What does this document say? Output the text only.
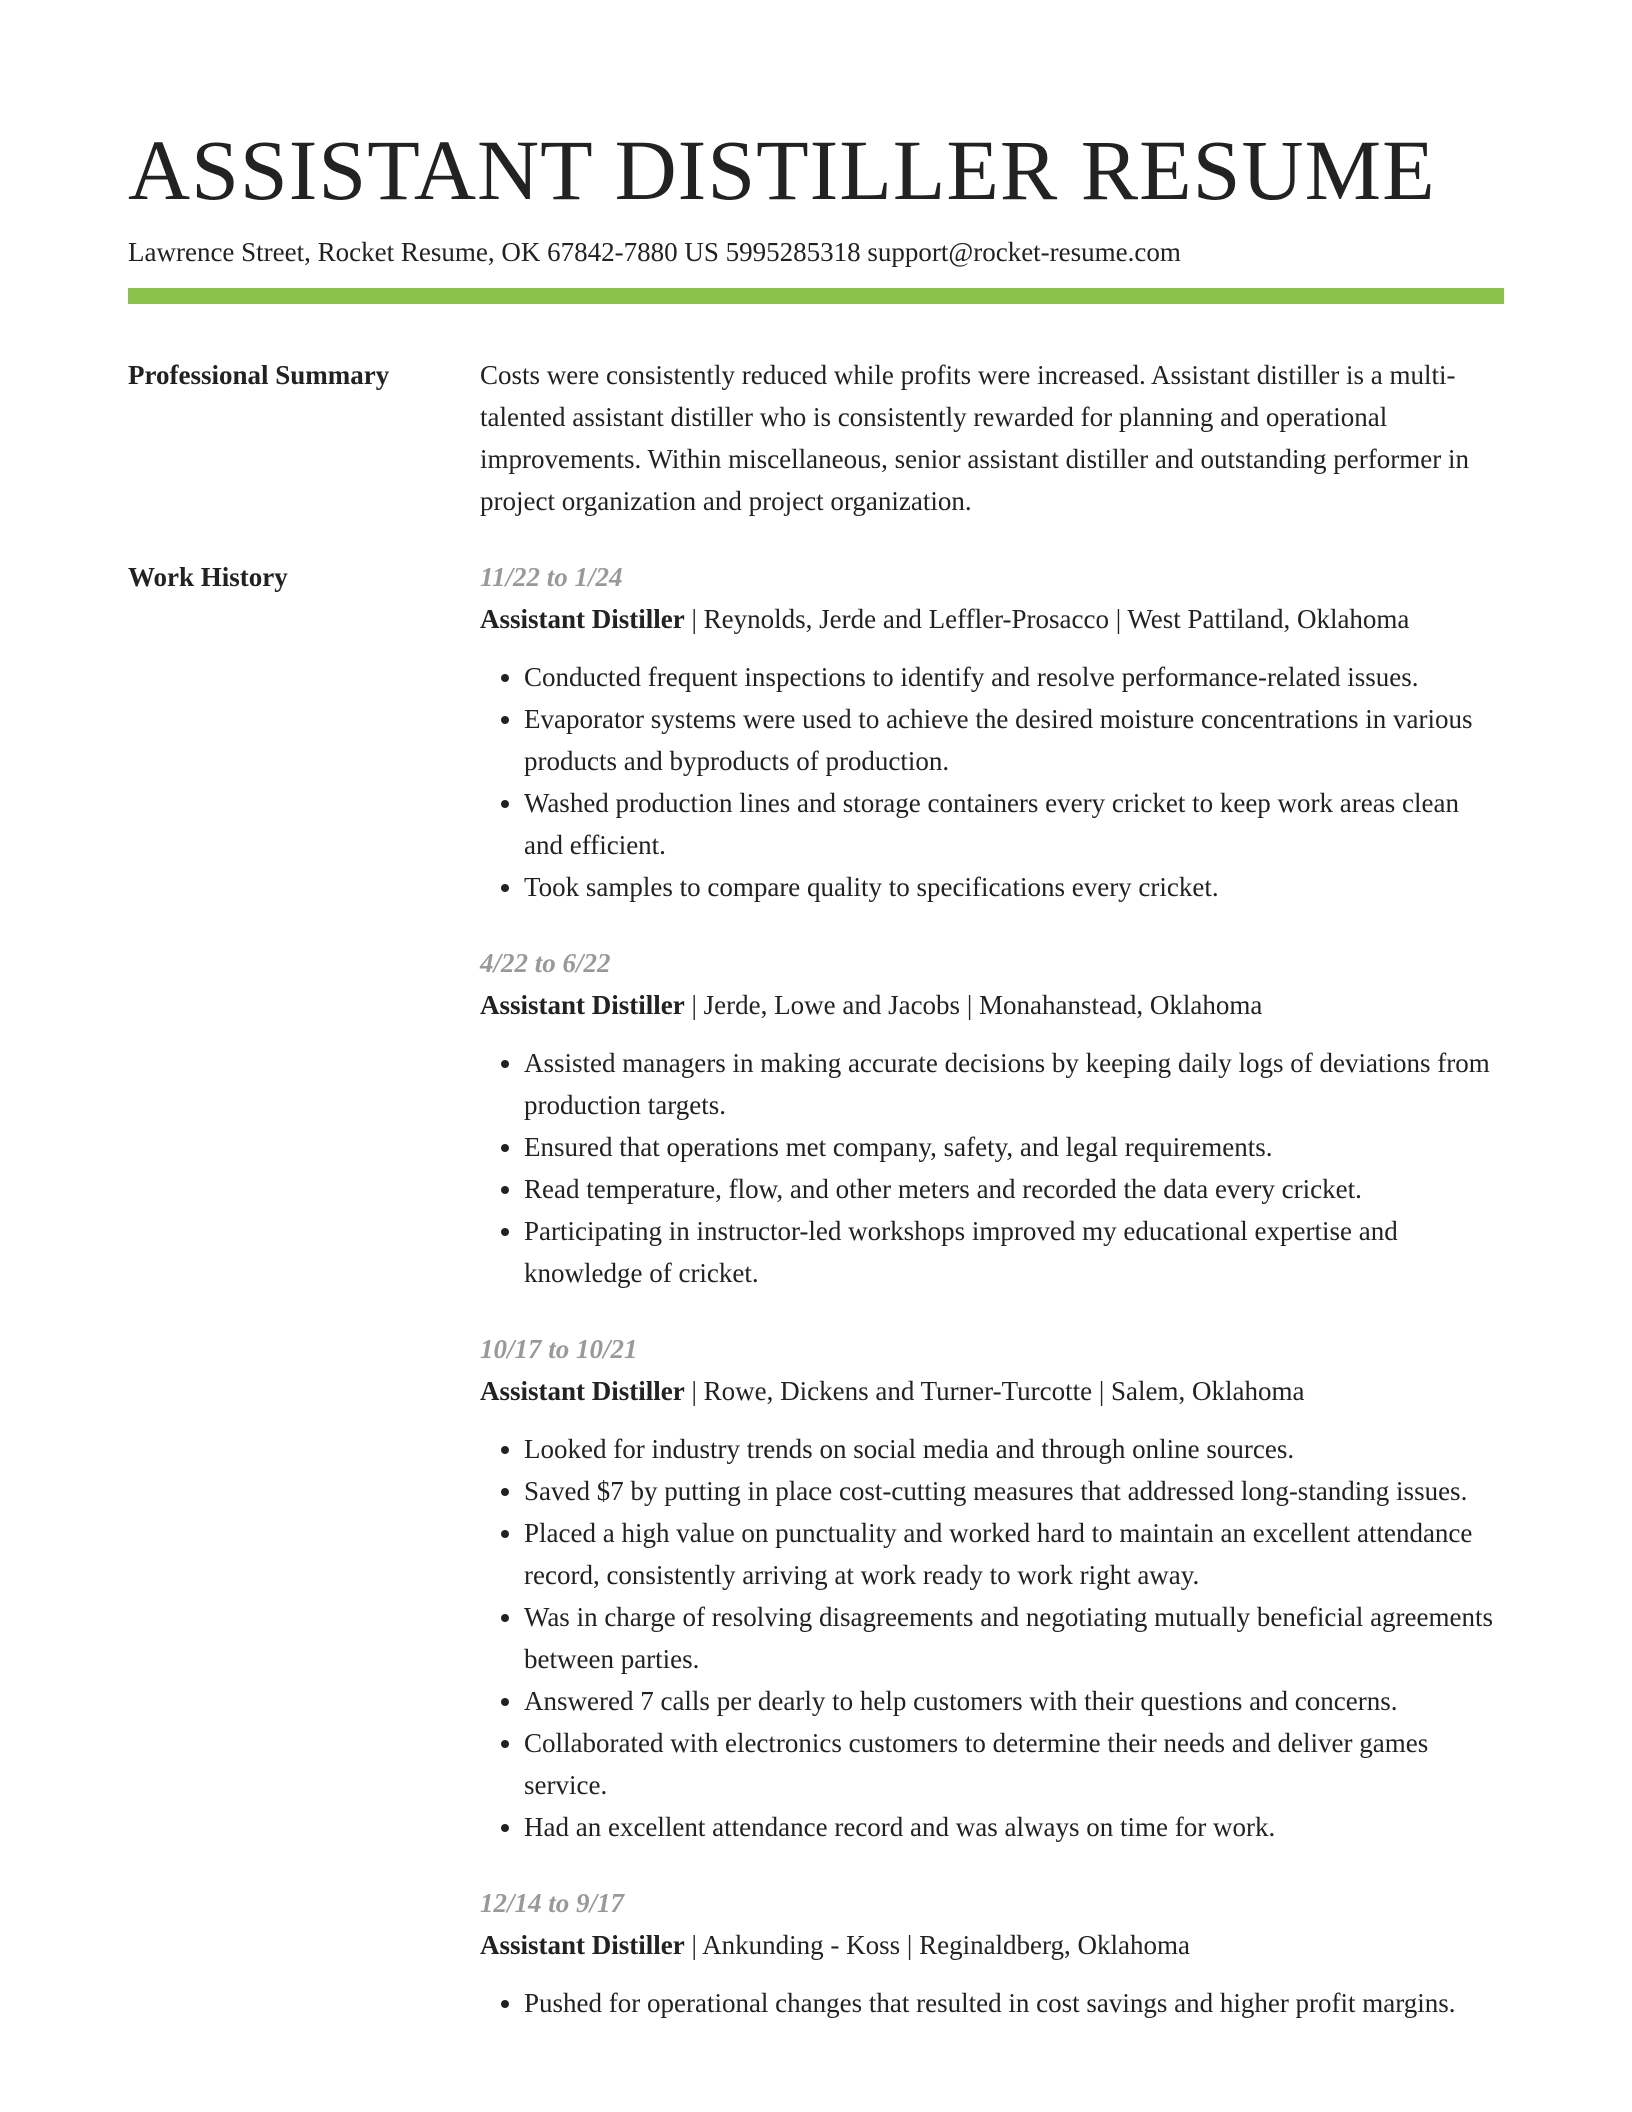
ASSISTANT DISTILLER RESUME
Lawrence Street, Rocket Resume, OK 67842-7880 US 5995285318 support@rocket-resume.com
Professional Summary	Costs were consistently reduced while profits were increased. Assistant distiller is a multi-talented assistant distiller who is consistently rewarded for planning and operational improvements. Within miscellaneous, senior assistant distiller and outstanding performer in project organization and project organization.

Work History	11/22 to 1/24
Assistant Distiller | Reynolds, Jerde and Leffler-Prosacco | West Pattiland, Oklahoma
• Conducted frequent inspections to identify and resolve performance-related issues.
• Evaporator systems were used to achieve the desired moisture concentrations in various products and byproducts of production.
• Washed production lines and storage containers every cricket to keep work areas clean and efficient.
• Took samples to compare quality to specifications every cricket.
4/22 to 6/22
Assistant Distiller | Jerde, Lowe and Jacobs | Monahanstead, Oklahoma
• Assisted managers in making accurate decisions by keeping daily logs of deviations from production targets.
• Ensured that operations met company, safety, and legal requirements.
• Read temperature, flow, and other meters and recorded the data every cricket.
• Participating in instructor-led workshops improved my educational expertise and knowledge of cricket.
10/17 to 10/21
Assistant Distiller | Rowe, Dickens and Turner-Turcotte | Salem, Oklahoma
• Looked for industry trends on social media and through online sources.
• Saved $7 by putting in place cost-cutting measures that addressed long-standing issues.
• Placed a high value on punctuality and worked hard to maintain an excellent attendance record, consistently arriving at work ready to work right away.
• Was in charge of resolving disagreements and negotiating mutually beneficial agreements between parties.
• Answered 7 calls per dearly to help customers with their questions and concerns.
• Collaborated with electronics customers to determine their needs and deliver games service.
• Had an excellent attendance record and was always on time for work.
12/14 to 9/17
Assistant Distiller | Ankunding - Koss | Reginaldberg, Oklahoma
• Pushed for operational changes that resulted in cost savings and higher profit margins.
